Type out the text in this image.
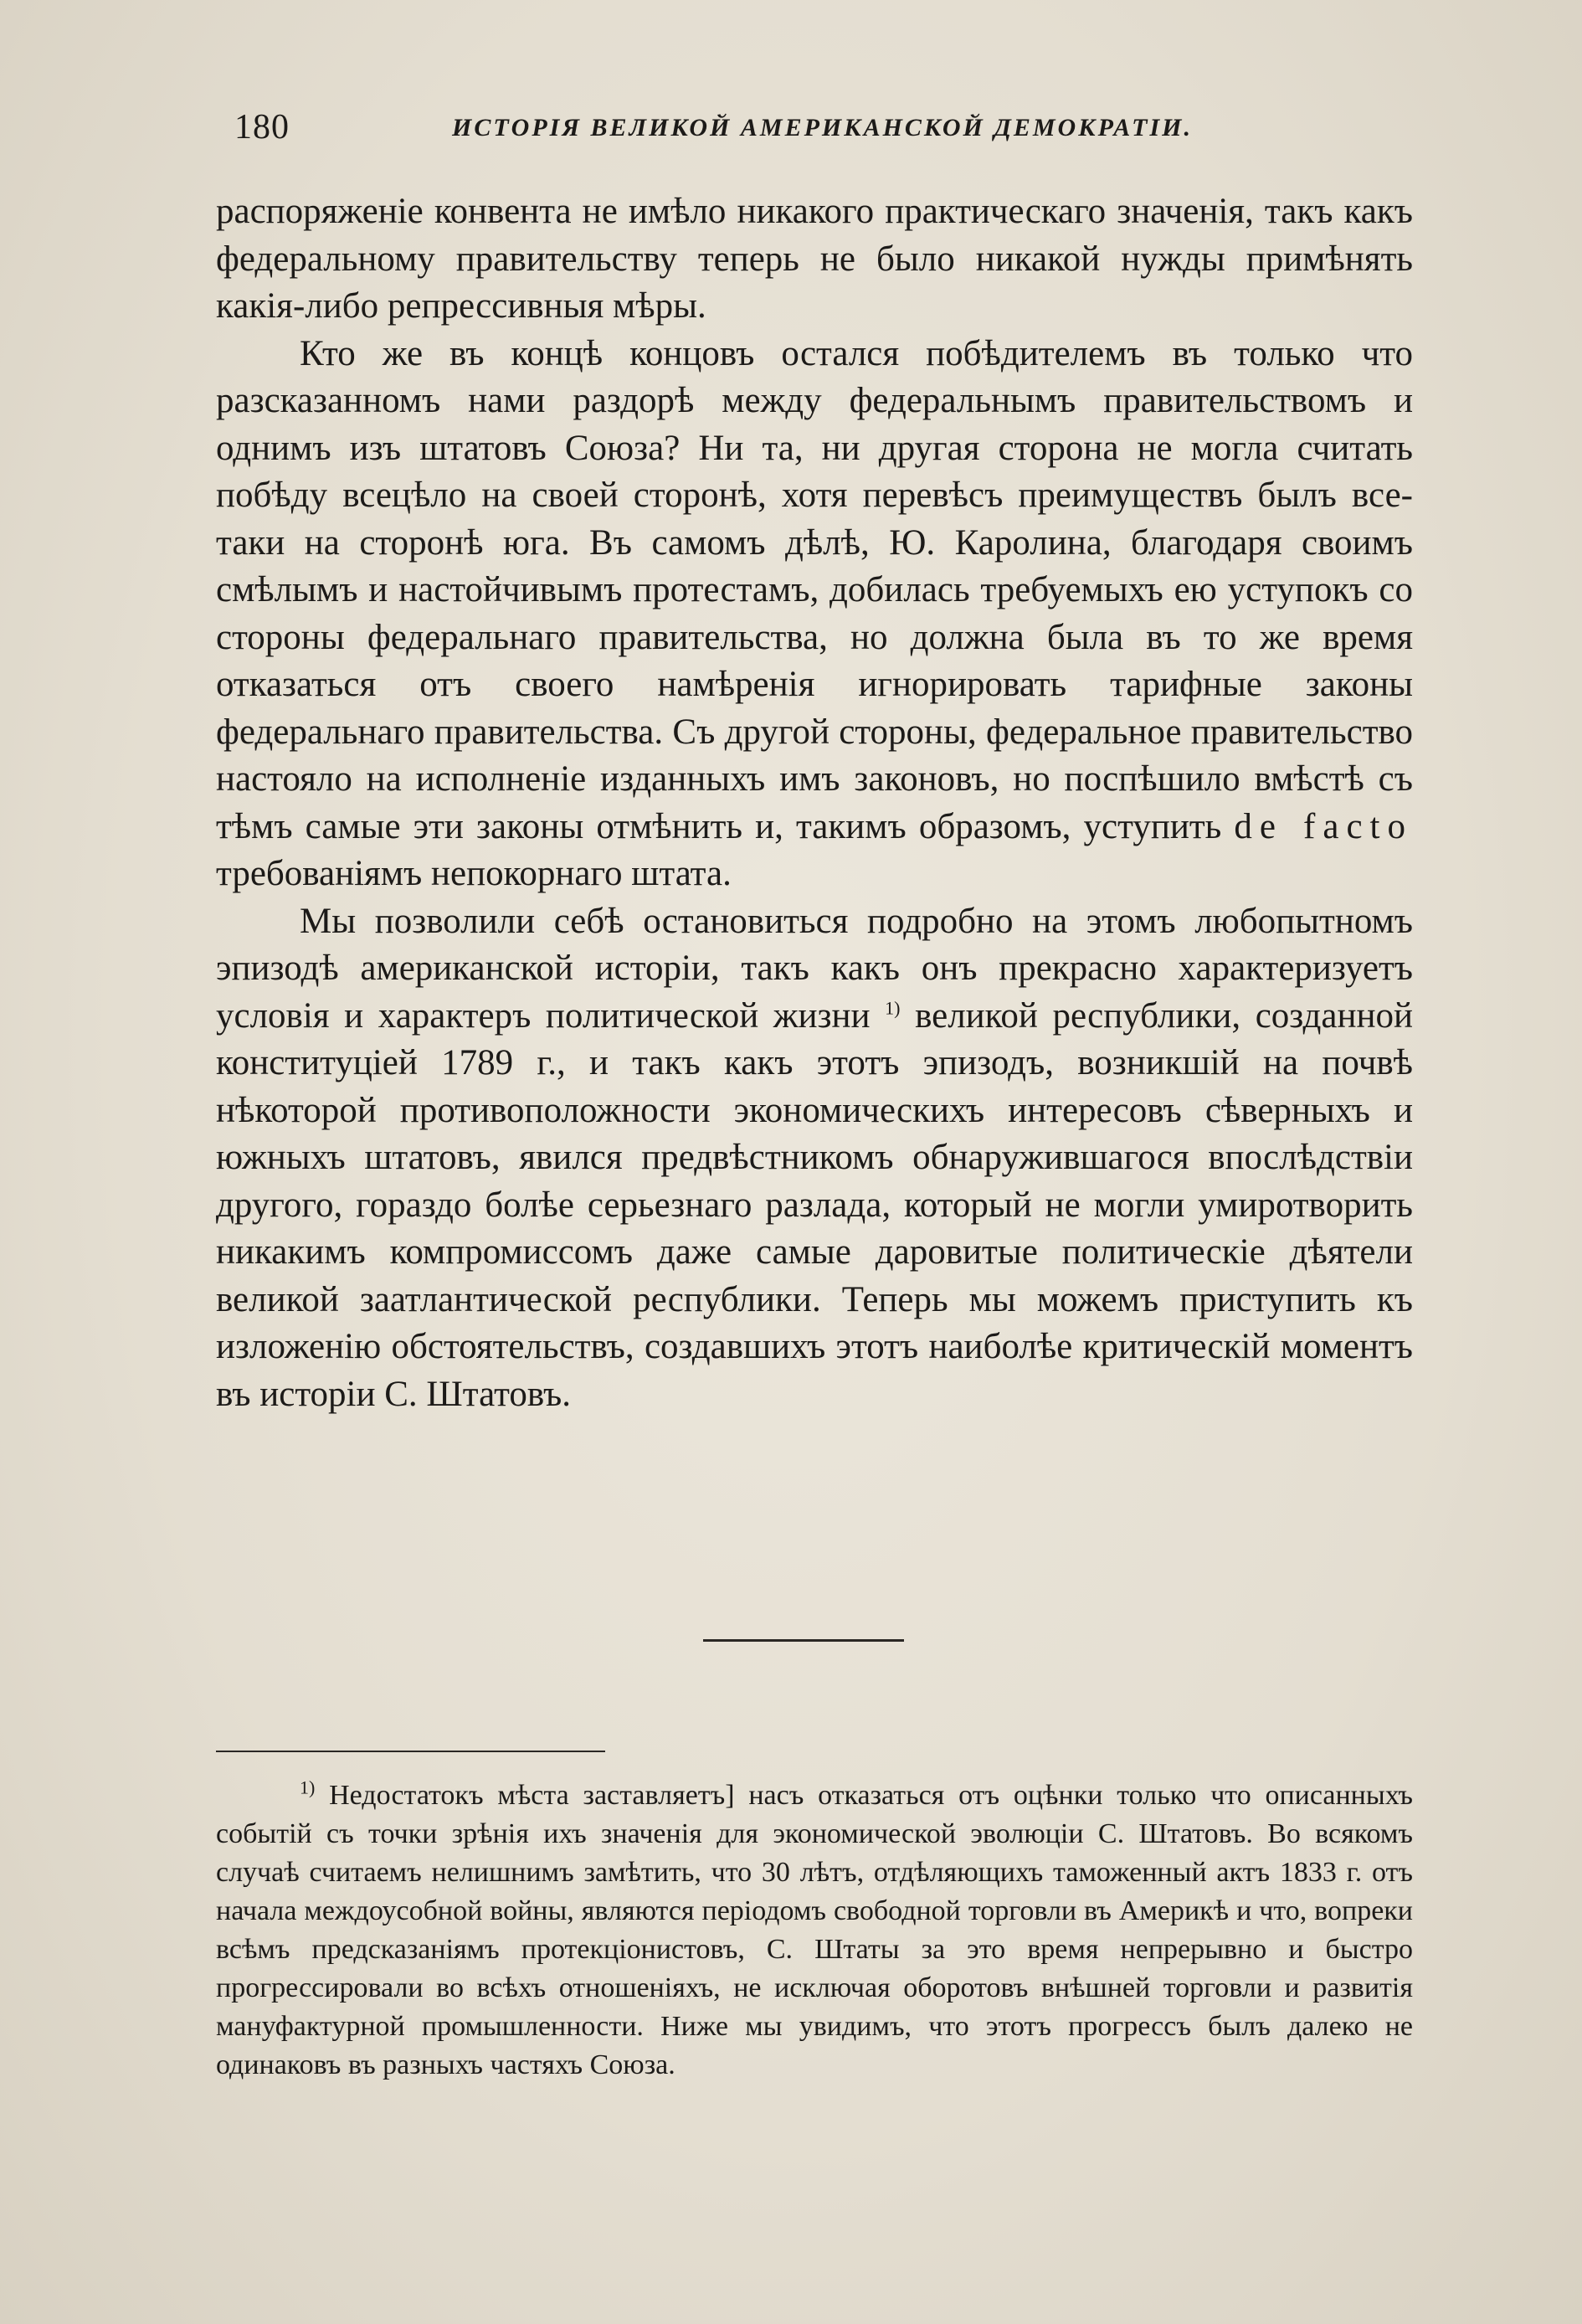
180	ИСТОРІЯ ВЕЛИКОЙ АМЕРИКАНСКОЙ ДЕМОКРАТІИ.

распоряженіе конвента не имѣло никакого практическаго значенія, такъ какъ федеральному правительству теперь не было никакой нужды примѣнять какія-либо репрессивныя мѣры.

Кто же въ концѣ концовъ остался побѣдителемъ въ только что разсказанномъ нами раздорѣ между федеральнымъ правительствомъ и однимъ изъ штатовъ Союза? Ни та, ни другая сторона не могла считать побѣду всецѣло на своей сторонѣ, хотя перевѣсъ преимуществъ былъ все-таки на сторонѣ юга. Въ самомъ дѣлѣ, Ю. Каролина, благодаря своимъ смѣлымъ и настойчивымъ протестамъ, добилась требуемыхъ ею уступокъ со стороны федеральнаго правительства, но должна была въ то же время отказаться отъ своего намѣренія игнорировать тарифные законы федеральнаго правительства. Съ другой стороны, федеральное правительство настояло на исполненіе изданныхъ имъ законовъ, но поспѣшило вмѣстѣ съ тѣмъ самые эти законы отмѣнить и, такимъ образомъ, уступить de facto требованіямъ непокорнаго штата.

Мы позволили себѣ остановиться подробно на этомъ любопытномъ эпизодѣ американской исторіи, такъ какъ онъ прекрасно характеризуетъ условія и характеръ политической жизни $^{1)}$ великой республики, созданной конституціей 1789 г., и такъ какъ этотъ эпизодъ, возникшій на почвѣ нѣкоторой противоположности экономическихъ интересовъ сѣверныхъ и южныхъ штатовъ, явился предвѣстникомъ обнаружившагося впослѣдствіи другого, гораздо болѣе серьезнаго разлада, который не могли умиротворить никакимъ компромиссомъ даже самые даровитые политическіе дѣятели великой заатлантической республики. Теперь мы можемъ приступить къ изложенію обстоятельствъ, создавшихъ этотъ наиболѣе критическій моментъ въ исторіи С. Штатовъ.

$^{1)}$ Недостатокъ мѣста заставляетъ] насъ отказаться отъ оцѣнки только что описанныхъ событій съ точки зрѣнія ихъ значенія для экономической эволюціи С. Штатовъ. Во всякомъ случаѣ считаемъ нелишнимъ замѣтить, что 30 лѣтъ, отдѣляющихъ таможенный актъ 1833 г. отъ начала междоусобной войны, являются періодомъ свободной торговли въ Америкѣ и что, вопреки всѣмъ предсказаніямъ протекціонистовъ, С. Штаты за это время непрерывно и быстро прогрессировали во всѣхъ отношеніяхъ, не исключая оборотовъ внѣшней торговли и развитія мануфактурной промышленности. Ниже мы увидимъ, что этотъ прогрессъ былъ далеко не одинаковъ въ разныхъ частяхъ Союза.
